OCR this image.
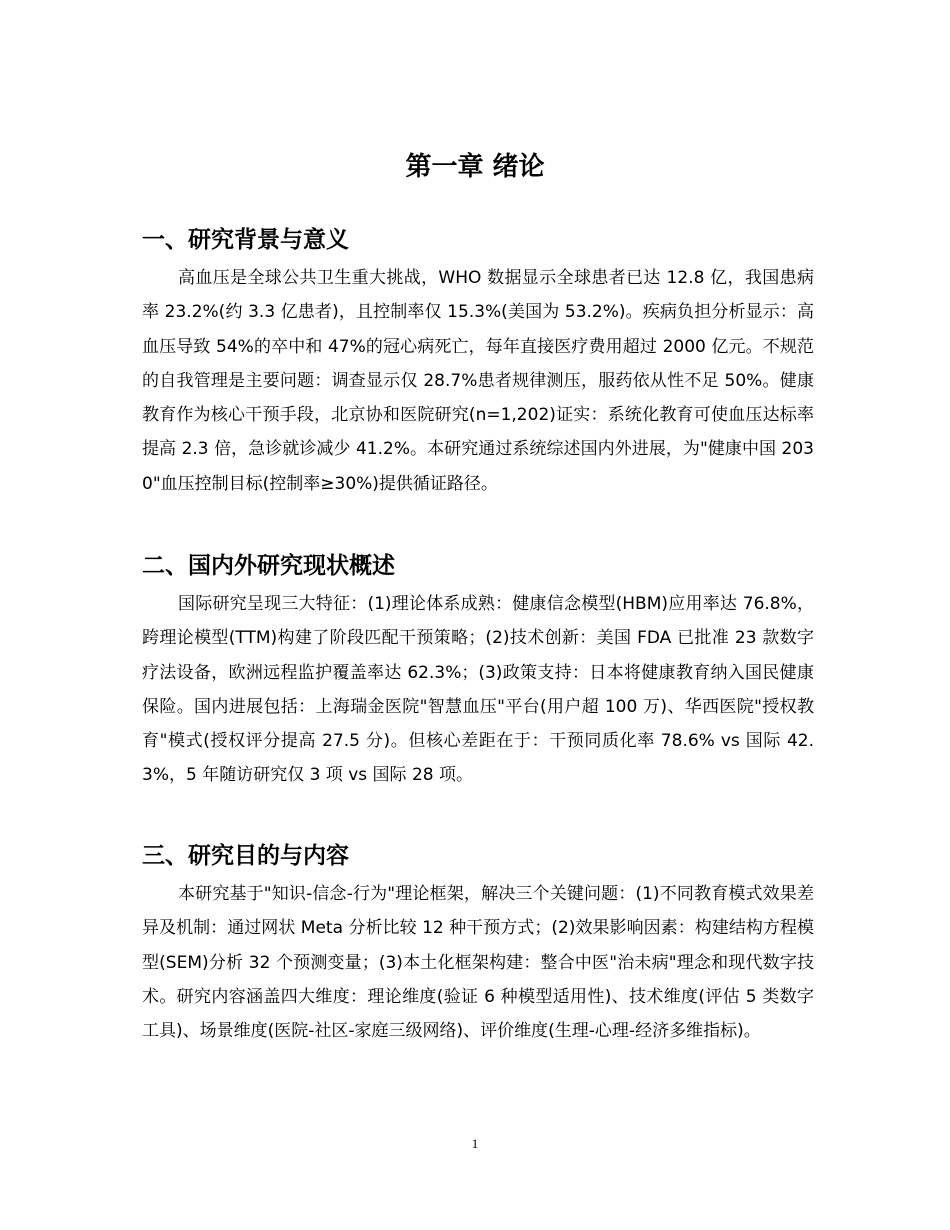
第一章 绪论
一、研究背景与意义

高血压是全球公共卫生重大挑战，WHO 数据显示全球患者已达 12.8 亿，我国患病率 23.2%(约 3.3 亿患者)，且控制率仅 15.3%(美国为 53.2%)。疾病负担分析显示：高血压导致 54%的卒中和 47%的冠心病死亡，每年直接医疗费用超过 2000 亿元。不规范的自我管理是主要问题：调查显示仅 28.7%患者规律测压，服药依从性不足 50%。健康教育作为核心干预手段，北京协和医院研究(n=1,202)证实：系统化教育可使血压达标率提高 2.3 倍，急诊就诊减少 41.2%。本研究通过系统综述国内外进展，为"健康中国 2030"血压控制目标(控制率≥30%)提供循证路径。

二、国内外研究现状概述

国际研究呈现三大特征：(1)理论体系成熟：健康信念模型(HBM)应用率达 76.8%，跨理论模型(TTM)构建了阶段匹配干预策略；(2)技术创新：美国 FDA 已批准 23 款数字疗法设备，欧洲远程监护覆盖率达 62.3%；(3)政策支持：日本将健康教育纳入国民健康保险。国内进展包括：上海瑞金医院"智慧血压"平台(用户超 100 万)、华西医院"授权教育"模式(授权评分提高 27.5 分)。但核心差距在于：干预同质化率 78.6% vs 国际 42.3%，5 年随访研究仅 3 项 vs 国际 28 项。

三、研究目的与内容

本研究基于"知识-信念-行为"理论框架，解决三个关键问题：(1)不同教育模式效果差异及机制：通过网状 Meta 分析比较 12 种干预方式；(2)效果影响因素：构建结构方程模型(SEM)分析 32 个预测变量；(3)本土化框架构建：整合中医"治未病"理念和现代数字技术。研究内容涵盖四大维度：理论维度(验证 6 种模型适用性)、技术维度(评估 5 类数字工具)、场景维度(医院-社区-家庭三级网络)、评价维度(生理-心理-经济多维指标)。

1
